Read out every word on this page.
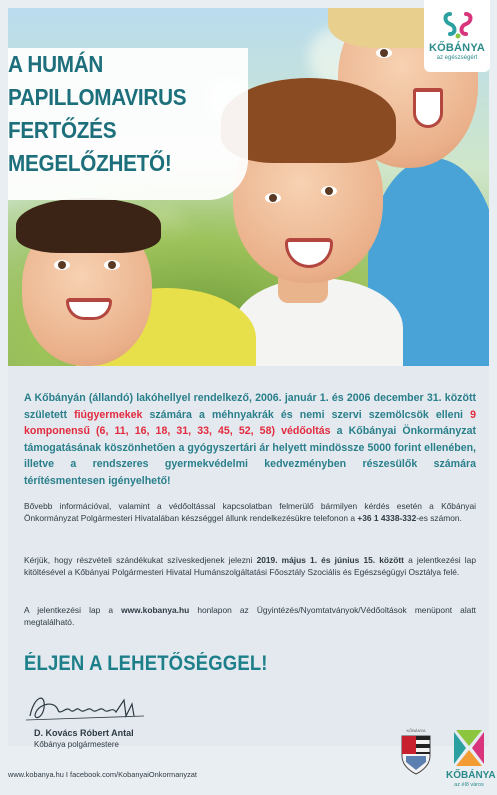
A HUMÁN PAPILLOMAVIRUS FERTŐZÉS MEGELŐZHETŐ!
KŐBÁNYA
az egészségért
A Kőbányán (állandó) lakóhellyel rendelkező, 2006. január 1. és 2006 december 31. között született fiúgyermekek számára a méhnyakrák és nemi szervi szemölcsök elleni 9 komponensű (6, 11, 16, 18, 31, 33, 45, 52, 58) védőoltás a Kőbányai Önkormányzat támogatásának köszönhetően a gyógyszertári ár helyett mindössze 5000 forint ellenében, illetve a rendszeres gyermekvédelmi kedvezményben részesülők számára térítésmentesen igényelhető!
Bővebb információval, valamint a védőoltással kapcsolatban felmerülő bármilyen kérdés esetén a Kőbányai Önkormányzat Polgármesteri Hivatalában készséggel állunk rendelkezésükre telefonon a +36 1 4338-332-es számon.
Kérjük, hogy részvételi szándékukat szíveskedjenek jelezni 2019. május 1. és június 15. között a jelentkezési lap kitöltésével a Kőbányai Polgármesteri Hivatal Humánszolgáltatási Főosztály Szociális és Egészségügyi Osztálya felé.
A jelentkezési lap a www.kobanya.hu honlapon az Ügyintézés/Nyomtatványok/Védőoltások menüpont alatt megtalálható.
ÉLJEN A LEHETŐSÉGGEL!
D. Kovács Róbert Antal
Kőbánya polgármestere
www.kobanya.hu I facebook.com/KobanyaiOnkormanyzat
KŐBÁNYA
KŐBÁNYA
az élő város
